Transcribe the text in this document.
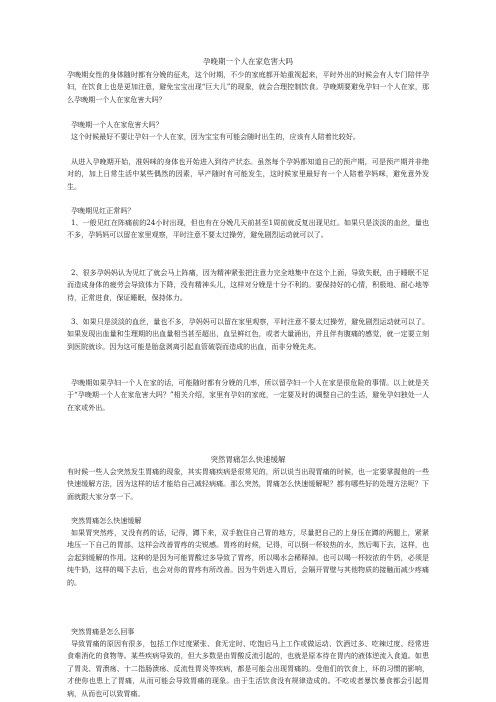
孕晚期一个人在家危害大吗

孕晚期女性的身体随时都有分娩的征兆，这个时期，不少的家庭都开始重视起来，平时外出的时候会有人专门陪伴孕妇，在饮食上也是更加注意，避免宝宝出现“巨大儿”的现象，就会合理控制饮食。孕晚期要避免孕妇一个人在家，那么孕晚期一个人在家危害大吗？

孕晚期一个人在家危害大吗？

这个时候最好不要让孕妇一个人在家，因为宝宝有可能会随时出生的，应该有人陪着比较好。

从进入孕晚期开始，准妈咪的身体也开始进入到待产状态。虽然每个孕妈都知道自己的预产期，可是预产期并非绝对的，加上日常生活中某些偶然的因素，早产随时有可能发生，这时候家里最好有一个人陪着孕妈咪，避免意外发生。

孕晚期见红正常吗？

1、一般见红在阵痛前的24小时出现，但也有在分娩几天前甚至1周前就反复出现见红。如果只是淡淡的血丝，量也不多，孕妈妈可以留在家里观察，平时注意不要太过操劳，避免剧烈运动就可以了。

2、很多孕妈妈认为见红了就会马上阵痛，因为精神紧张把注意力完全地集中在这个上面，导致失眠，由于睡眠不足而造成身体的疲劳会导致体力下降，没有精神头儿，这样对分娩是十分不利的。要保持好的心情，积极地、耐心地等待，正常进食，保证睡眠，保持体力。

3、如果只是淡淡的血丝，量也不多，孕妈妈可以留在家里观察，平时注意不要太过操劳，避免剧烈运动就可以了。如果发现出血量和生理期的出血量相当甚至超出，血呈鲜红色，或者大量涌出，并且伴有腹痛的感觉，就一定要立刻到医院就诊。因为这可能是胎盘剥离引起血管破裂而造成的出血，而非分娩先兆。

孕晚期如果孕妇一个人在家的话，可能随时都有分娩的几率，所以留孕妇一个人在家是很危险的事情。以上就是关于“孕晚期一个人在家危害大吗？”相关介绍，家里有孕妇的家庭，一定要及时的调整自己的生活，避免孕妇独处一人在家或外出。

突然胃痛怎么快速缓解

有时候一些人会突然发生胃痛的现象，其实胃痛疾病是很常见的，所以说当出现胃痛的时候，也一定要掌握他的一些快速缓解方法，因为这样的话才能给自己减轻病痛。那么突然，胃痛怎么快速缓解呢？都有哪些好的处理方法呢？下面就跟大家分享一下。

突然胃痛怎么快速缓解

如果胃突然疼，又没有药的话，记得，蹲下来，双手抱住自己胃的地方，尽量把自己的上身压在蹲的两腿上，紧紧地压一下自己的胃部，这样会改善胃疼的尖锐感。胃疼的时候，记得，可以倒一杯较热的水，然后喝下去，这样，也会起到缓解的作用。这种的是因为可能胃酸过多导致了胃疼，所以喝水会稀释掉。也可以喝一杯较浓的牛奶，必须是纯牛奶，这样的喝下去后，也会对你的胃疼有所改善。因为牛奶进入胃后，会隔开胃壁与其他物质的接触而减少疼痛的。

突然胃痛是怎么回事

导致胃痛的原因有很多，包括工作过度紧张、食无定时、吃饱后马上工作或做运动、饮酒过多、吃辣过度、经常进食难消化的食物等。某些疾病导致的，但大多数是由胃酸反流引起的，也就是原本待在胃内的液体逆流入食道。如患了胃炎、胃溃疡、十二指肠溃疡、反流性胃炎等疾病，都是可能会出现胃痛的。受他们的饮食上，坏的习惯的影响，才使你也患上了胃痛，从而可能会导致胃痛的现象。由于生活饮食没有规律造成的。不吃或者暴饮暴食都会引起胃病，从而也可以致胃痛。
